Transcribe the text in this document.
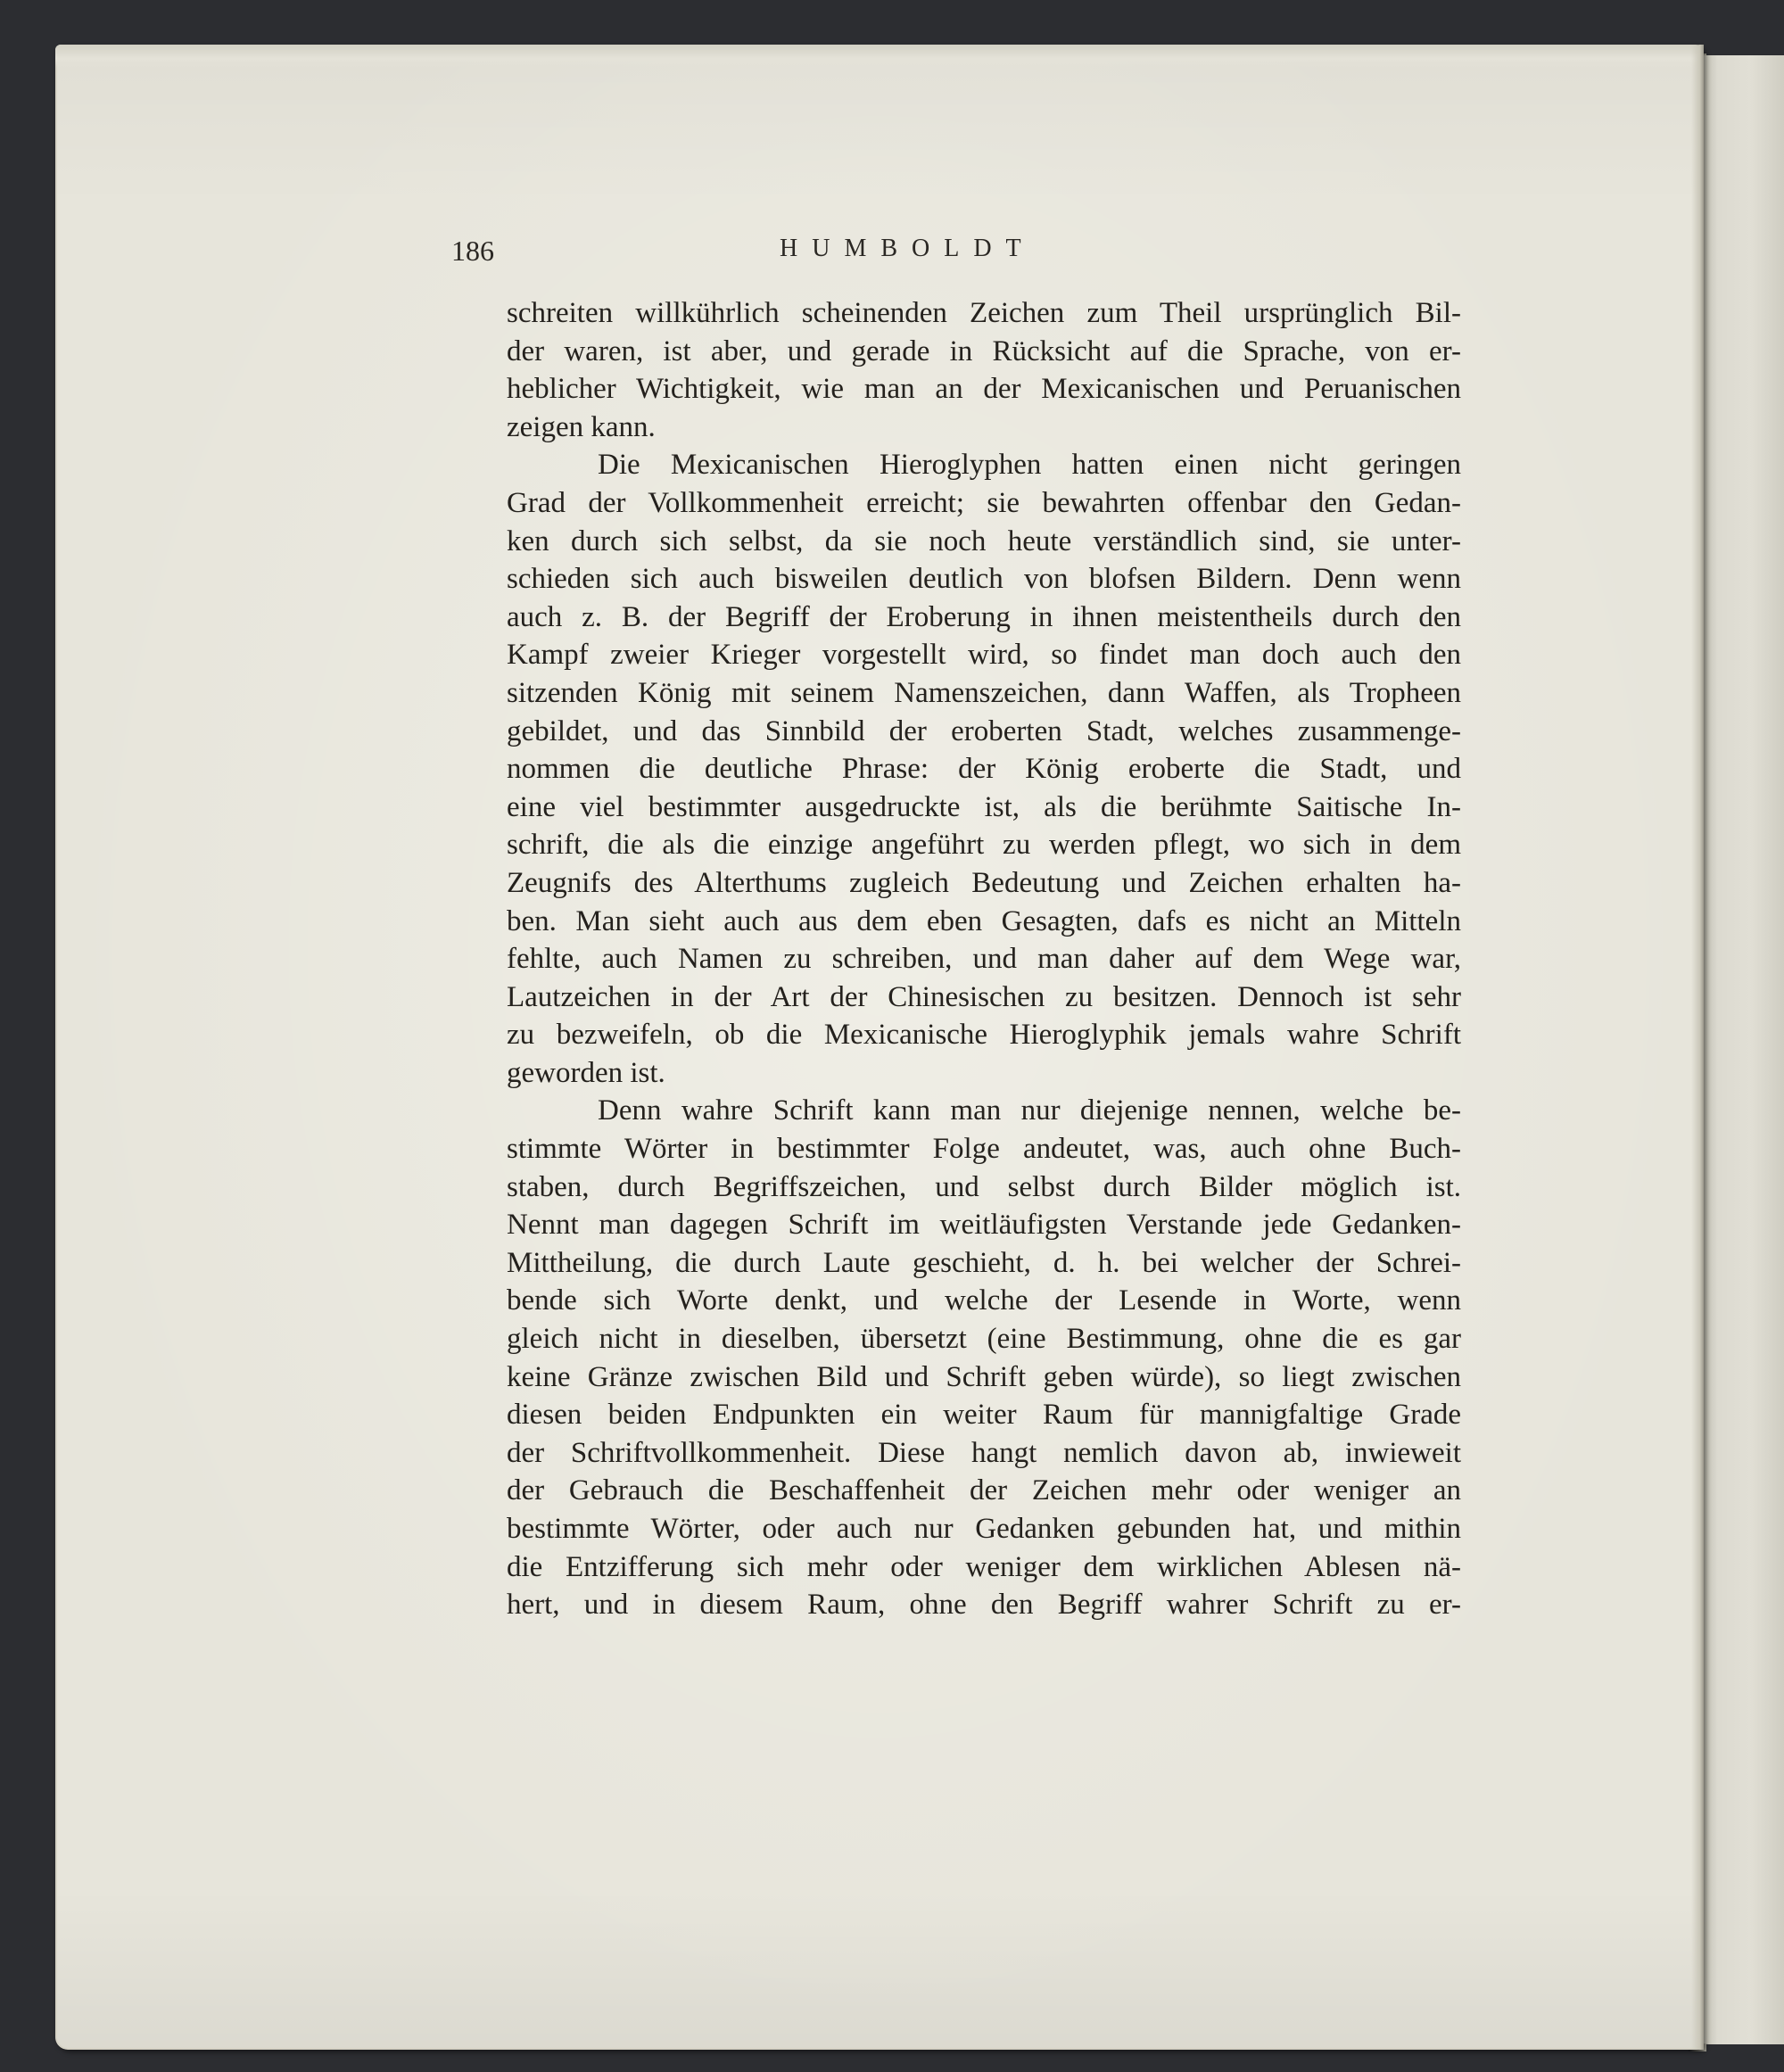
186	HUMBOLDT
schreiten willkührlich scheinenden Zeichen zum Theil ursprünglich Bil-
der waren, ist aber, und gerade in Rücksicht auf die Sprache, von er-
heblicher Wichtigkeit, wie man an der Mexicanischen und Peruanischen
zeigen kann.
Die Mexicanischen Hieroglyphen hatten einen nicht geringen
Grad der Vollkommenheit erreicht; sie bewahrten offenbar den Gedan-
ken durch sich selbst, da sie noch heute verständlich sind, sie unter-
schieden sich auch bisweilen deutlich von blofsen Bildern. Denn wenn
auch z. B. der Begriff der Eroberung in ihnen meistentheils durch den
Kampf zweier Krieger vorgestellt wird, so findet man doch auch den
sitzenden König mit seinem Namenszeichen, dann Waffen, als Tropheen
gebildet, und das Sinnbild der eroberten Stadt, welches zusammenge-
nommen die deutliche Phrase: der König eroberte die Stadt, und
eine viel bestimmter ausgedruckte ist, als die berühmte Saitische In-
schrift, die als die einzige angeführt zu werden pflegt, wo sich in dem
Zeugnifs des Alterthums zugleich Bedeutung und Zeichen erhalten ha-
ben. Man sieht auch aus dem eben Gesagten, dafs es nicht an Mitteln
fehlte, auch Namen zu schreiben, und man daher auf dem Wege war,
Lautzeichen in der Art der Chinesischen zu besitzen. Dennoch ist sehr
zu bezweifeln, ob die Mexicanische Hieroglyphik jemals wahre Schrift
geworden ist.
Denn wahre Schrift kann man nur diejenige nennen, welche be-
stimmte Wörter in bestimmter Folge andeutet, was, auch ohne Buch-
staben, durch Begriffszeichen, und selbst durch Bilder möglich ist.
Nennt man dagegen Schrift im weitläufigsten Verstande jede Gedanken-
Mittheilung, die durch Laute geschieht, d. h. bei welcher der Schrei-
bende sich Worte denkt, und welche der Lesende in Worte, wenn
gleich nicht in dieselben, übersetzt (eine Bestimmung, ohne die es gar
keine Gränze zwischen Bild und Schrift geben würde), so liegt zwischen
diesen beiden Endpunkten ein weiter Raum für mannigfaltige Grade
der Schriftvollkommenheit. Diese hangt nemlich davon ab, inwieweit
der Gebrauch die Beschaffenheit der Zeichen mehr oder weniger an
bestimmte Wörter, oder auch nur Gedanken gebunden hat, und mithin
die Entzifferung sich mehr oder weniger dem wirklichen Ablesen nä-
hert, und in diesem Raum, ohne den Begriff wahrer Schrift zu er-
